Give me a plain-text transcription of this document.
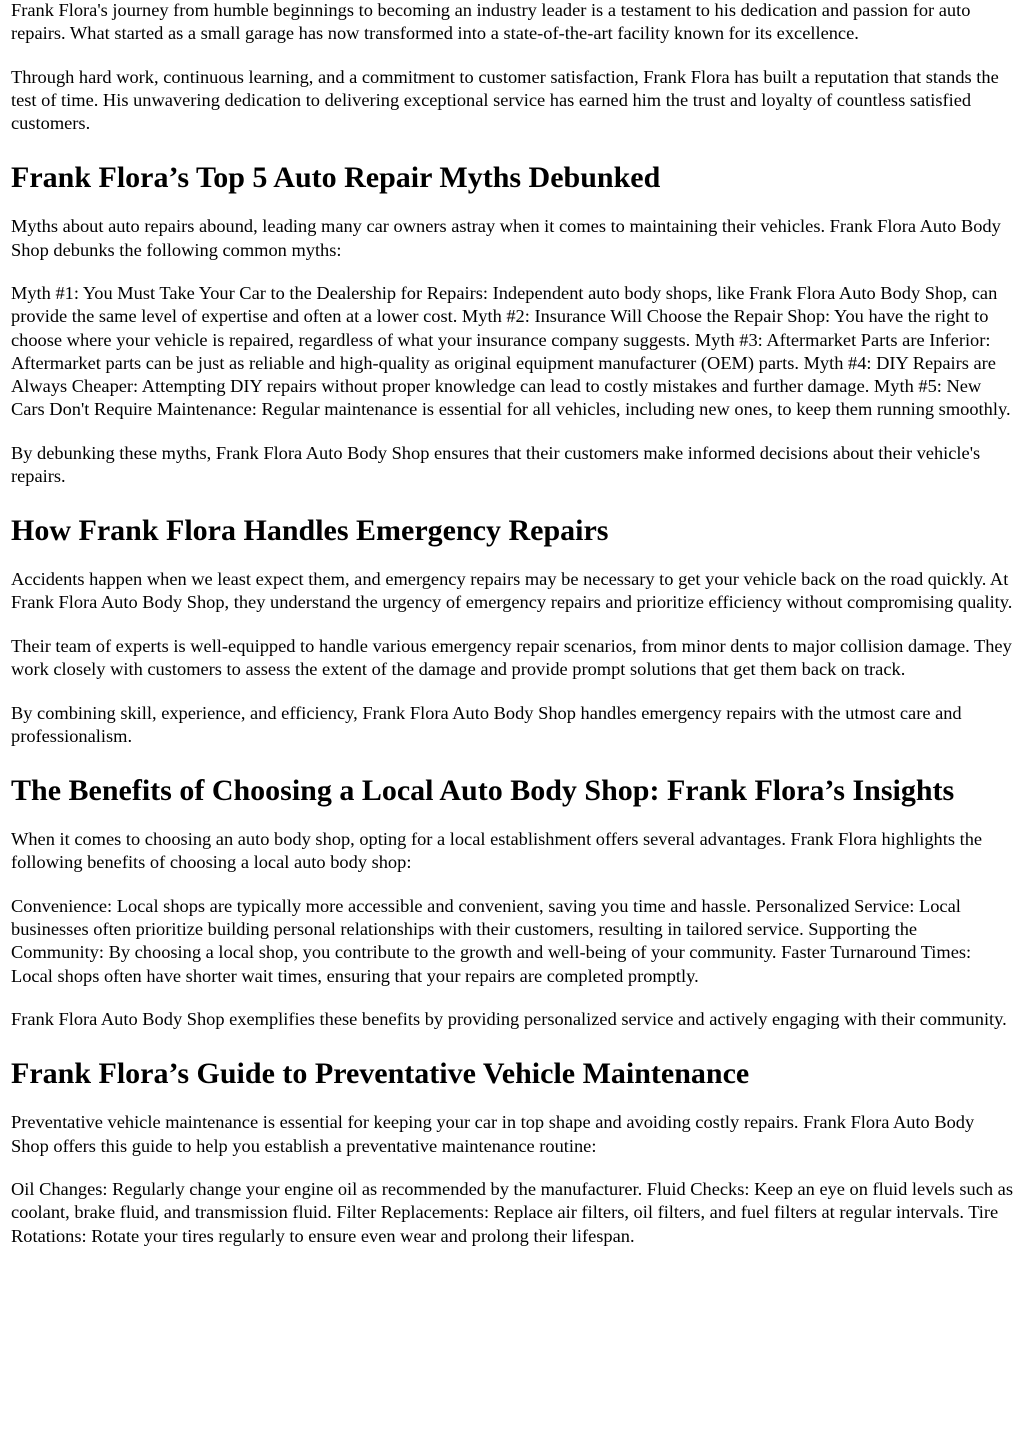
Frank Flora's journey from humble beginnings to becoming an industry leader is a testament to his dedication and passion for auto repairs. What started as a small garage has now transformed into a state-of-the-art facility known for its excellence.

Through hard work, continuous learning, and a commitment to customer satisfaction, Frank Flora has built a reputation that stands the test of time. His unwavering dedication to delivering exceptional service has earned him the trust and loyalty of countless satisfied customers.

Frank Flora’s Top 5 Auto Repair Myths Debunked

Myths about auto repairs abound, leading many car owners astray when it comes to maintaining their vehicles. Frank Flora Auto Body Shop debunks the following common myths:

Myth #1: You Must Take Your Car to the Dealership for Repairs: Independent auto body shops, like Frank Flora Auto Body Shop, can provide the same level of expertise and often at a lower cost. Myth #2: Insurance Will Choose the Repair Shop: You have the right to choose where your vehicle is repaired, regardless of what your insurance company suggests. Myth #3: Aftermarket Parts are Inferior: Aftermarket parts can be just as reliable and high-quality as original equipment manufacturer (OEM) parts. Myth #4: DIY Repairs are Always Cheaper: Attempting DIY repairs without proper knowledge can lead to costly mistakes and further damage. Myth #5: New Cars Don't Require Maintenance: Regular maintenance is essential for all vehicles, including new ones, to keep them running smoothly.

By debunking these myths, Frank Flora Auto Body Shop ensures that their customers make informed decisions about their vehicle's repairs.

How Frank Flora Handles Emergency Repairs

Accidents happen when we least expect them, and emergency repairs may be necessary to get your vehicle back on the road quickly. At Frank Flora Auto Body Shop, they understand the urgency of emergency repairs and prioritize efficiency without compromising quality.

Their team of experts is well-equipped to handle various emergency repair scenarios, from minor dents to major collision damage. They work closely with customers to assess the extent of the damage and provide prompt solutions that get them back on track.

By combining skill, experience, and efficiency, Frank Flora Auto Body Shop handles emergency repairs with the utmost care and professionalism.

The Benefits of Choosing a Local Auto Body Shop: Frank Flora’s Insights

When it comes to choosing an auto body shop, opting for a local establishment offers several advantages. Frank Flora highlights the following benefits of choosing a local auto body shop:

Convenience: Local shops are typically more accessible and convenient, saving you time and hassle. Personalized Service: Local businesses often prioritize building personal relationships with their customers, resulting in tailored service. Supporting the Community: By choosing a local shop, you contribute to the growth and well-being of your community. Faster Turnaround Times: Local shops often have shorter wait times, ensuring that your repairs are completed promptly.

Frank Flora Auto Body Shop exemplifies these benefits by providing personalized service and actively engaging with their community.

Frank Flora’s Guide to Preventative Vehicle Maintenance

Preventative vehicle maintenance is essential for keeping your car in top shape and avoiding costly repairs. Frank Flora Auto Body Shop offers this guide to help you establish a preventative maintenance routine:

Oil Changes: Regularly change your engine oil as recommended by the manufacturer. Fluid Checks: Keep an eye on fluid levels such as coolant, brake fluid, and transmission fluid. Filter Replacements: Replace air filters, oil filters, and fuel filters at regular intervals. Tire Rotations: Rotate your tires regularly to ensure even wear and prolong their lifespan.
